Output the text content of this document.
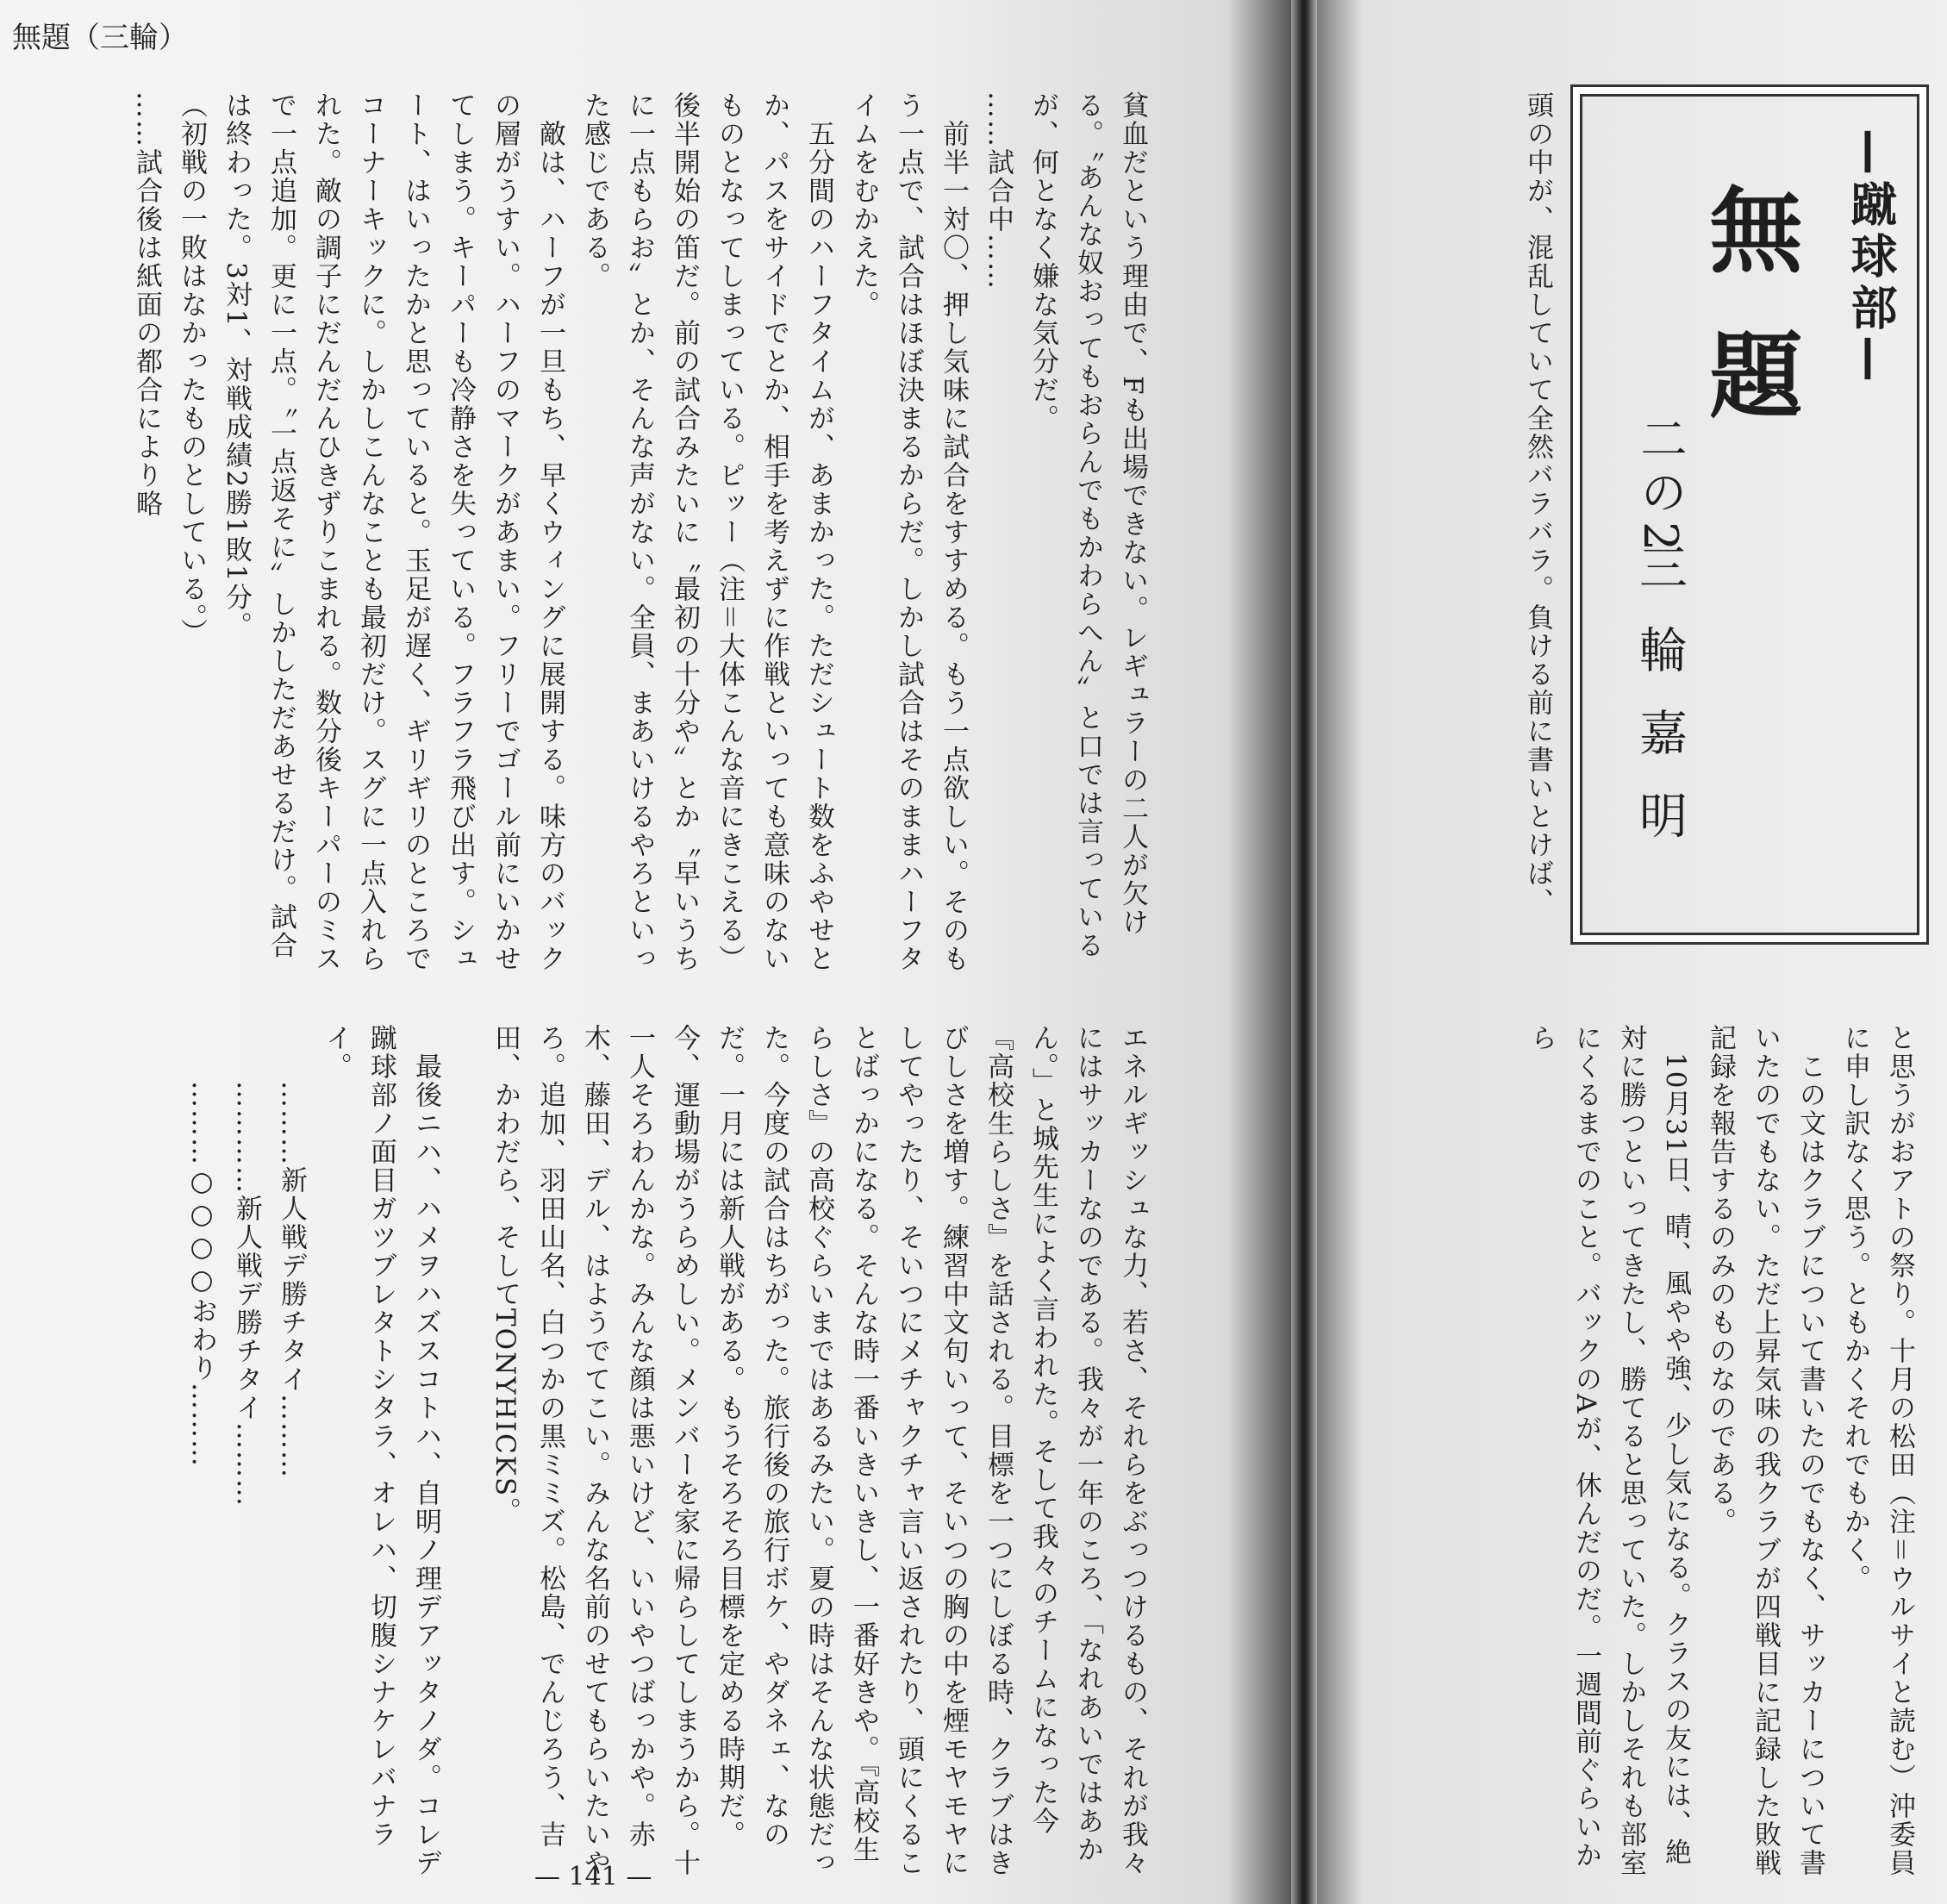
無題（三輪）
貧血だという理由で、Fも出場できない。レギュラーの二人が欠ける。〝あんな奴おってもおらんでもかわらへん〟と口では言っているが、何となく嫌な気分だ。
……試合中……
　前半一対〇、押し気味に試合をすすめる。もう一点欲しい。そのもう一点で、試合はほぼ決まるからだ。しかし試合はそのままハーフタイムをむかえた。
　五分間のハーフタイムが、あまかった。ただシュート数をふやせとか、パスをサイドでとか、相手を考えずに作戦といっても意味のないものとなってしまっている。ピッー（注＝大体こんな音にきこえる）後半開始の笛だ。前の試合みたいに〝最初の十分や〟とか〝早いうちに一点もらお〟とか、そんな声がない。全員、まあいけるやろといった感じである。
　敵は、ハーフが一旦もち、早くウィングに展開する。味方のバックの層がうすい。ハーフのマークがあまい。フリーでゴール前にいかせてしまう。キーパーも冷静さを失っている。フラフラ飛び出す。シュート、はいったかと思っていると。玉足が遅く、ギリギリのところでコーナーキックに。しかしこんなことも最初だけ。スグに一点入れられた。敵の調子にだんだんひきずりこまれる。数分後キーパーのミスで一点追加。更に一点。〝一点返そに〟しかしただあせるだけ。試合は終わった。3対1、対戦成績2勝1敗1分。
（初戦の一敗はなかったものとしている。）
……試合後は紙面の都合により略
エネルギッシュな力、若さ、それらをぶっつけるもの、それが我々にはサッカーなのである。我々が一年のころ、「なれあいではあかん。」と城先生によく言われた。そして我々のチームになった今『高校生らしさ』を話される。目標を一つにしぼる時、クラブはきびしさを増す。練習中文句いって、そいつの胸の中を煙モヤモヤにしてやったり、そいつにメチャクチャ言い返されたり、頭にくることばっかになる。そんな時一番いきいきし、一番好きや。『高校生らしさ』の高校ぐらいまではあるみたい。夏の時はそんな状態だった。今度の試合はちがった。旅行後の旅行ボケ、やダネェ、なのだ。一月には新人戦がある。もうそろそろ目標を定める時期だ。
今、運動場がうらめしい。メンバーを家に帰らしてしまうから。十一人そろわんかな。みんな顔は悪いけど、いいやつばっかや。赤木、藤田、デル、はようでてこい。みんな名前のせてもらいたいやろ。追加、羽田山名、白つかの黒ミミズ。松島、でんじろう、吉田、かわだら、そしてTONYHICKS。
　最後ニハ、ハメヲハズスコトハ、自明ノ理デアッタノダ。コレデ蹴球部ノ面目ガツブレタトシタラ、オレハ、切腹シナケレバナライ。
　　………新人戦デ勝チタイ………
　　…………新人戦デ勝チタイ………
　　………○○○○おわり………
— 141 —
—蹴球部—
無題
二の2
三輪嘉明
頭の中が、混乱していて全然バラバラ。負ける前に書いとけば、
と思うがおアトの祭り。十月の松田（注＝ウルサイと読む）沖委員に申し訳なく思う。ともかくそれでもかく。
　この文はクラブについて書いたのでもなく、サッカーについて書いたのでもない。ただ上昇気味の我クラブが四戦目に記録した敗戦記録を報告するのみのものなのである。
　10月31日、晴、風やや強、少し気になる。クラスの友には、絶対に勝つといってきたし、勝てると思っていた。しかしそれも部室にくるまでのこと。バックのAが、休んだのだ。一週間前ぐらいから
